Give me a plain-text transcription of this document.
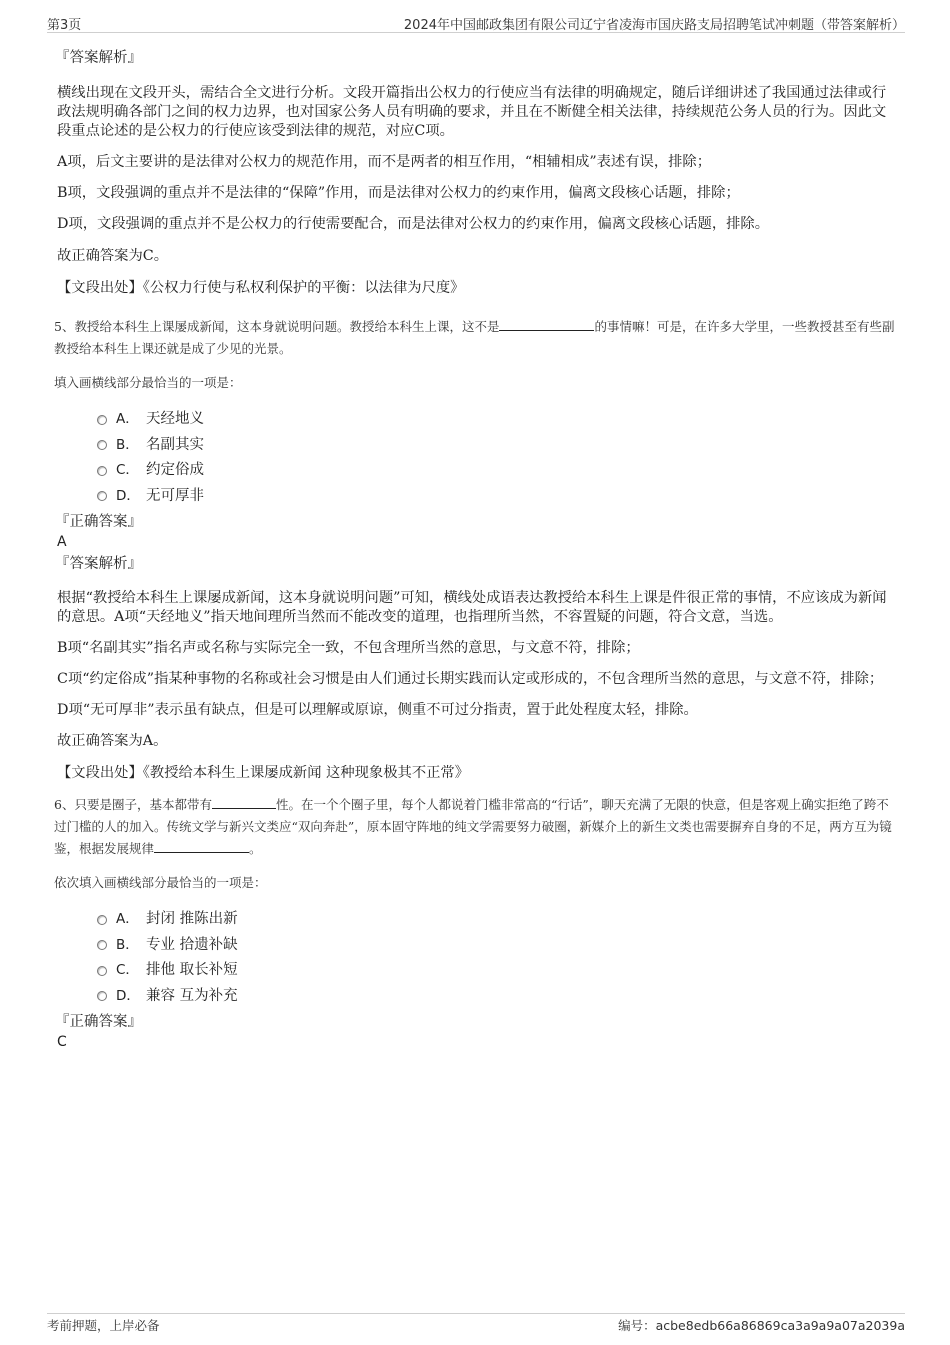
第3页	2024年中国邮政集团有限公司辽宁省凌海市国庆路支局招聘笔试冲刺题（带答案解析）

『答案解析』

横线出现在文段开头，需结合全文进行分析。文段开篇指出公权力的行使应当有法律的明确规定，随后详细讲述了我国通过法律或行政法规明确各部门之间的权力边界，也对国家公务人员有明确的要求，并且在不断健全相关法律，持续规范公务人员的行为。因此文段重点论述的是公权力的行使应该受到法律的规范，对应C项。

A项，后文主要讲的是法律对公权力的规范作用，而不是两者的相互作用，“相辅相成”表述有误，排除；

B项，文段强调的重点并不是法律的“保障”作用，而是法律对公权力的约束作用，偏离文段核心话题，排除；

D项，文段强调的重点并不是公权力的行使需要配合，而是法律对公权力的约束作用，偏离文段核心话题，排除。

故正确答案为C。

【文段出处】《公权力行使与私权利保护的平衡：以法律为尺度》

5、教授给本科生上课屡成新闻，这本身就说明问题。教授给本科生上课，这不是	的事情嘛！可是，在许多大学里，一些教授甚至有些副教授给本科生上课还就是成了少见的光景。

填入画横线部分最恰当的一项是：

A． 天经地义
B． 名副其实
C． 约定俗成
D． 无可厚非

『正确答案』

A

『答案解析』

根据“教授给本科生上课屡成新闻，这本身就说明问题”可知，横线处成语表达教授给本科生上课是件很正常的事情，不应该成为新闻的意思。A项“天经地义”指天地间理所当然而不能改变的道理，也指理所当然，不容置疑的问题，符合文意，当选。

B项“名副其实”指名声或名称与实际完全一致，不包含理所当然的意思，与文意不符，排除；

C项“约定俗成”指某种事物的名称或社会习惯是由人们通过长期实践而认定或形成的，不包含理所当然的意思，与文意不符，排除；

D项“无可厚非”表示虽有缺点，但是可以理解或原谅，侧重不可过分指责，置于此处程度太轻，排除。

故正确答案为A。

【文段出处】《教授给本科生上课屡成新闻 这种现象极其不正常》

6、只要是圈子，基本都带有	性。在一个个圈子里，每个人都说着门槛非常高的“行话”，聊天充满了无限的快意，但是客观上确实拒绝了跨不过门槛的人的加入。传统文学与新兴文类应“双向奔赴”，原本固守阵地的纯文学需要努力破圈，新媒介上的新生文类也需要摒弃自身的不足，两方互为镜鉴，根据发展规律	。

依次填入画横线部分最恰当的一项是：

A． 封闭 推陈出新
B． 专业 拾遗补缺
C． 排他 取长补短
D． 兼容 互为补充

『正确答案』

C

考前押题，上岸必备	编号：acbe8edb66a86869ca3a9a9a07a2039a
